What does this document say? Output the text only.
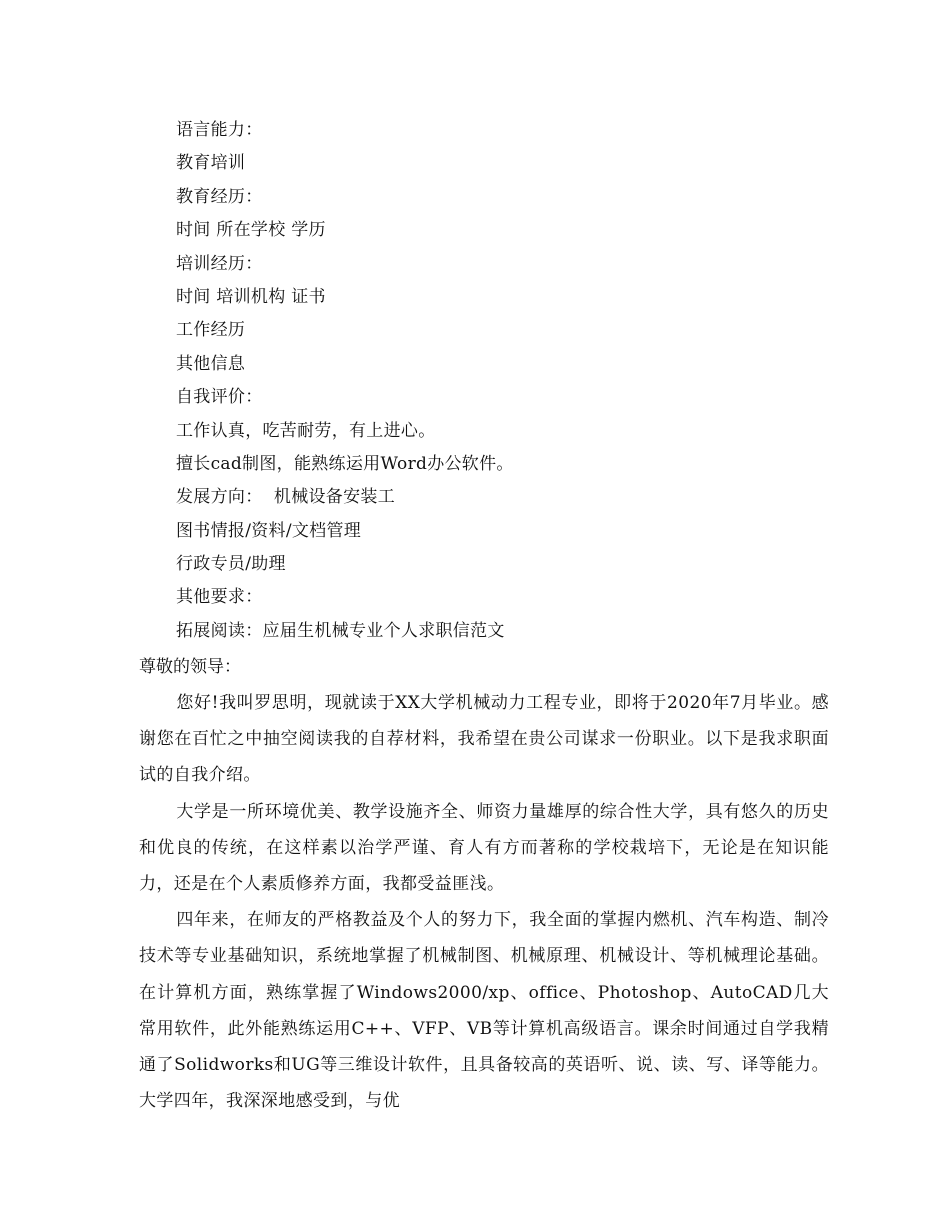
语言能力：
教育培训
教育经历：
时间 所在学校 学历
培训经历：
时间 培训机构 证书
工作经历
其他信息
自我评价：
工作认真，吃苦耐劳，有上进心。
擅长cad制图，能熟练运用Word办公软件。
发展方向：  机械设备安装工
图书情报/资料/文档管理
行政专员/助理
其他要求：
拓展阅读：应届生机械专业个人求职信范文
尊敬的领导：

您好!我叫罗思明，现就读于XX大学机械动力工程专业，即将于2020年7月毕业。感谢您在百忙之中抽空阅读我的自荐材料，我希望在贵公司谋求一份职业。以下是我求职面试的自我介绍。

大学是一所环境优美、教学设施齐全、师资力量雄厚的综合性大学，具有悠久的历史和优良的传统，在这样素以治学严谨、育人有方而著称的学校栽培下，无论是在知识能力，还是在个人素质修养方面，我都受益匪浅。

四年来，在师友的严格教益及个人的努力下，我全面的掌握内燃机、汽车构造、制冷技术等专业基础知识，系统地掌握了机械制图、机械原理、机械设计、等机械理论基础。在计算机方面，熟练掌握了Windows2000/xp、office、Photoshop、AutoCAD几大常用软件，此外能熟练运用C++、VFP、VB等计算机高级语言。课余时间通过自学我精通了Solidworks和UG等三维设计软件，且具备较高的英语听、说、读、写、译等能力。大学四年，我深深地感受到，与优
